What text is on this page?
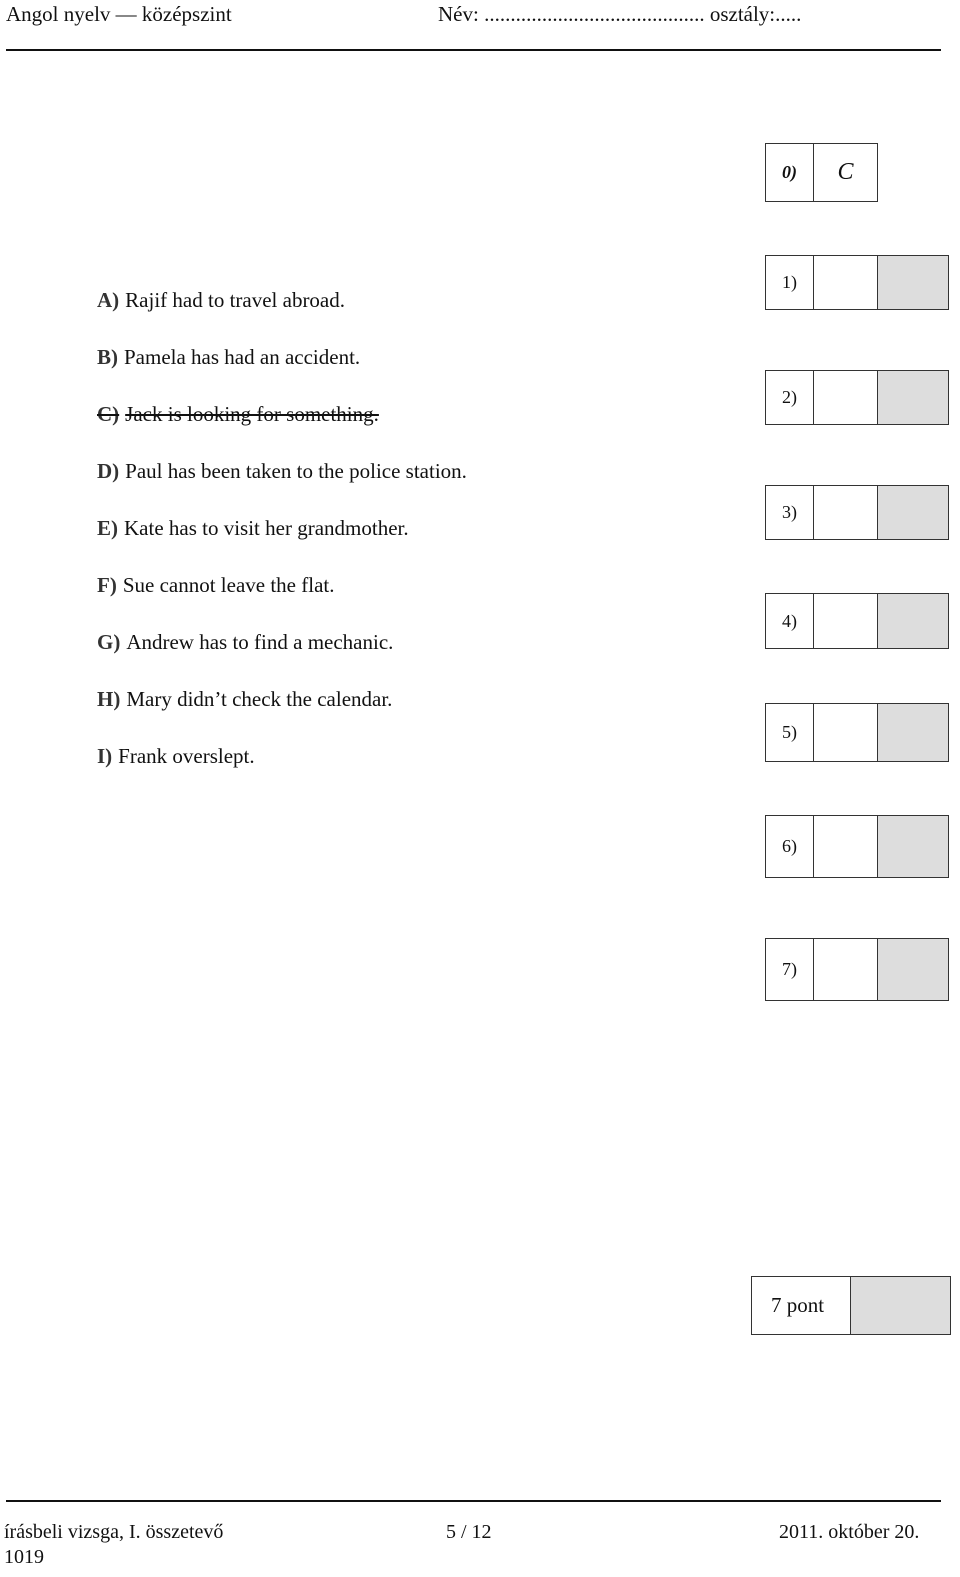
Angol nyelv — középszint	Név: .......................................... osztály:.....
0)	C
A) Rajif had to travel abroad.
B) Pamela has had an accident.
C) Jack is looking for something.
D) Paul has been taken to the police station.
E) Kate has to visit her grandmother.
F) Sue cannot leave the flat.
G) Andrew has to find a mechanic.
H) Mary didn’t check the calendar.
I) Frank overslept.
1)
2)
3)
4)
5)
6)
7)
7 pont
írásbeli vizsga, I. összetevő
1019
5 / 12	2011. október 20.
